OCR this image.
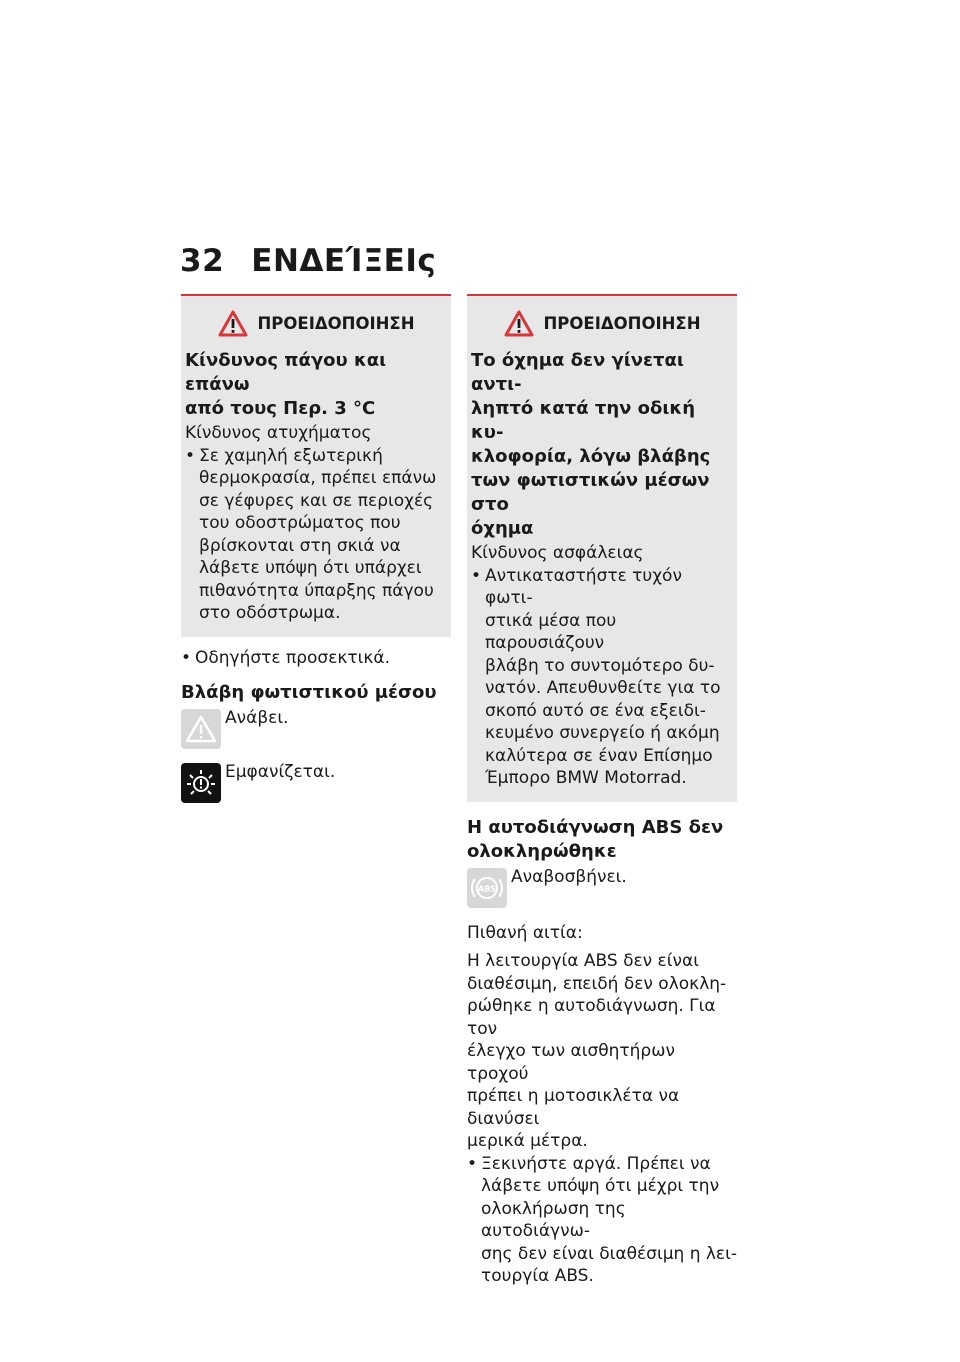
32 ΕΝΔΕΊΞΕΙς
ΠΡΟΕΙΔΟΠΟΙΗΣΗ
Κίνδυνος πάγου και επάνω
από τους Περ. 3 °C

Κίνδυνος ατυχήματος

• Σε χαμηλή εξωτερική
θερμοκρασία, πρέπει επάνω
σε γέφυρες και σε περιοχές
του οδοστρώματος που
βρίσκονται στη σκιά να
λάβετε υπόψη ότι υπάρχει
πιθανότητα ύπαρξης πάγου
στο οδόστρωμα.
• Οδηγήστε προσεκτικά.
Βλάβη φωτιστικού μέσου
Ανάβει.
Εμφανίζεται.
ΠΡΟΕΙΔΟΠΟΙΗΣΗ
Το όχημα δεν γίνεται αντι-
ληπτό κατά την οδική κυ-
κλοφορία, λόγω βλάβης
των φωτιστικών μέσων στο
όχημα

Κίνδυνος ασφάλειας

• Αντικαταστήστε τυχόν φωτι-
στικά μέσα που παρουσιάζουν
βλάβη το συντομότερο δυ-
νατόν. Απευθυνθείτε για το
σκοπό αυτό σε ένα εξειδι-
κευμένο συνεργείο ή ακόμη
καλύτερα σε έναν Επίσημο
Έμπορο BMW Motorrad.
Η αυτοδιάγνωση ABS δεν
ολοκληρώθηκε
ABS
Αναβοσβήνει.

Πιθανή αιτία:

Η λειτουργία ABS δεν είναι
διαθέσιμη, επειδή δεν ολοκλη-
ρώθηκε η αυτοδιάγνωση. Για τον
έλεγχο των αισθητήρων τροχού
πρέπει η μοτοσικλέτα να διανύσει
μερικά μέτρα.
• Ξεκινήστε αργά. Πρέπει να
λάβετε υπόψη ότι μέχρι την
ολοκλήρωση της αυτοδιάγνω-
σης δεν είναι διαθέσιμη η λει-
τουργία ABS.
